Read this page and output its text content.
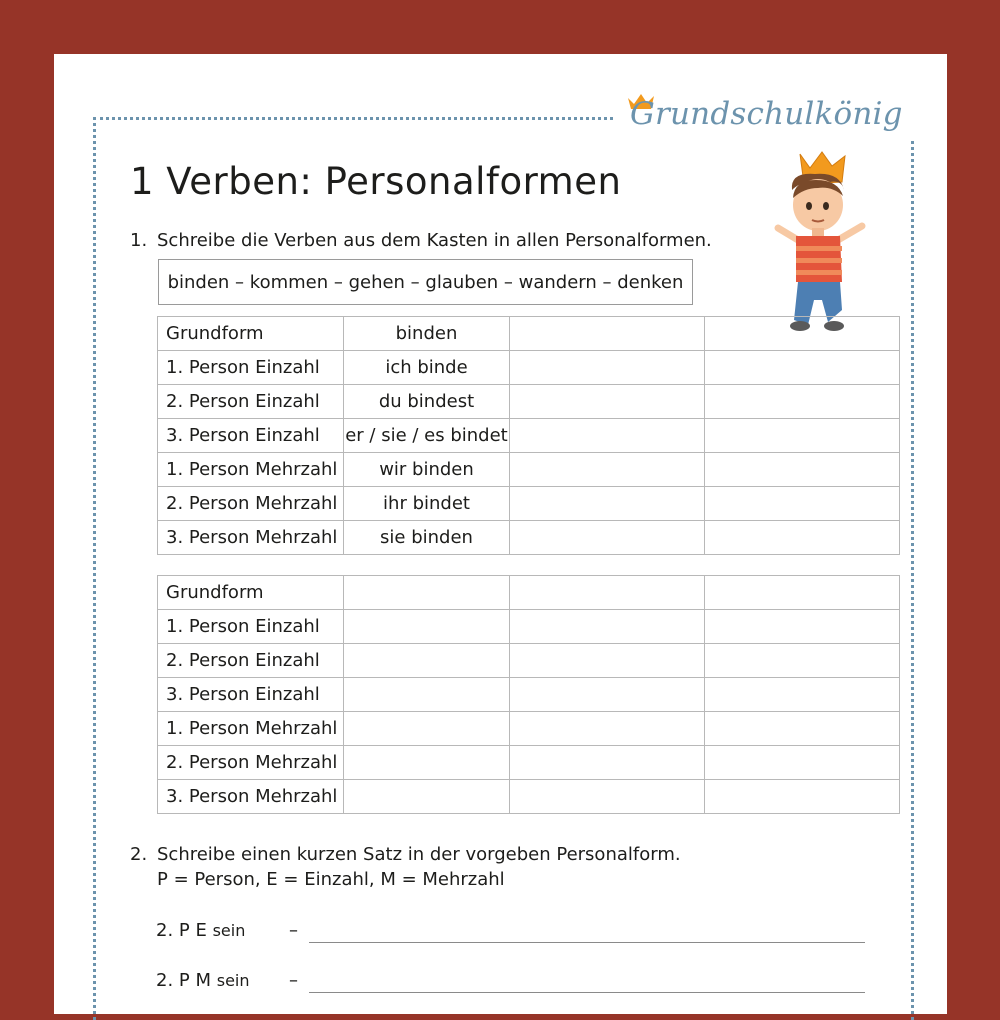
Grundschulkönig
1 Verben: Personalformen
1. Schreibe die Verben aus dem Kasten in allen Personalformen.
binden – kommen – gehen – glauben – wandern – denken
Grundform	binden		
1. Person Einzahl	ich binde		
2. Person Einzahl	du bindest		
3. Person Einzahl	er / sie / es bindet		
1. Person Mehrzahl	wir binden		
2. Person Mehrzahl	ihr bindet		
3. Person Mehrzahl	sie binden		
Grundform			
1. Person Einzahl			
2. Person Einzahl			
3. Person Einzahl			
1. Person Mehrzahl			
2. Person Mehrzahl			
3. Person Mehrzahl			
2. Schreibe einen kurzen Satz in der vorgeben Personalform.
P = Person, E = Einzahl, M = Mehrzahl
2. P E sein –
2. P M sein –
